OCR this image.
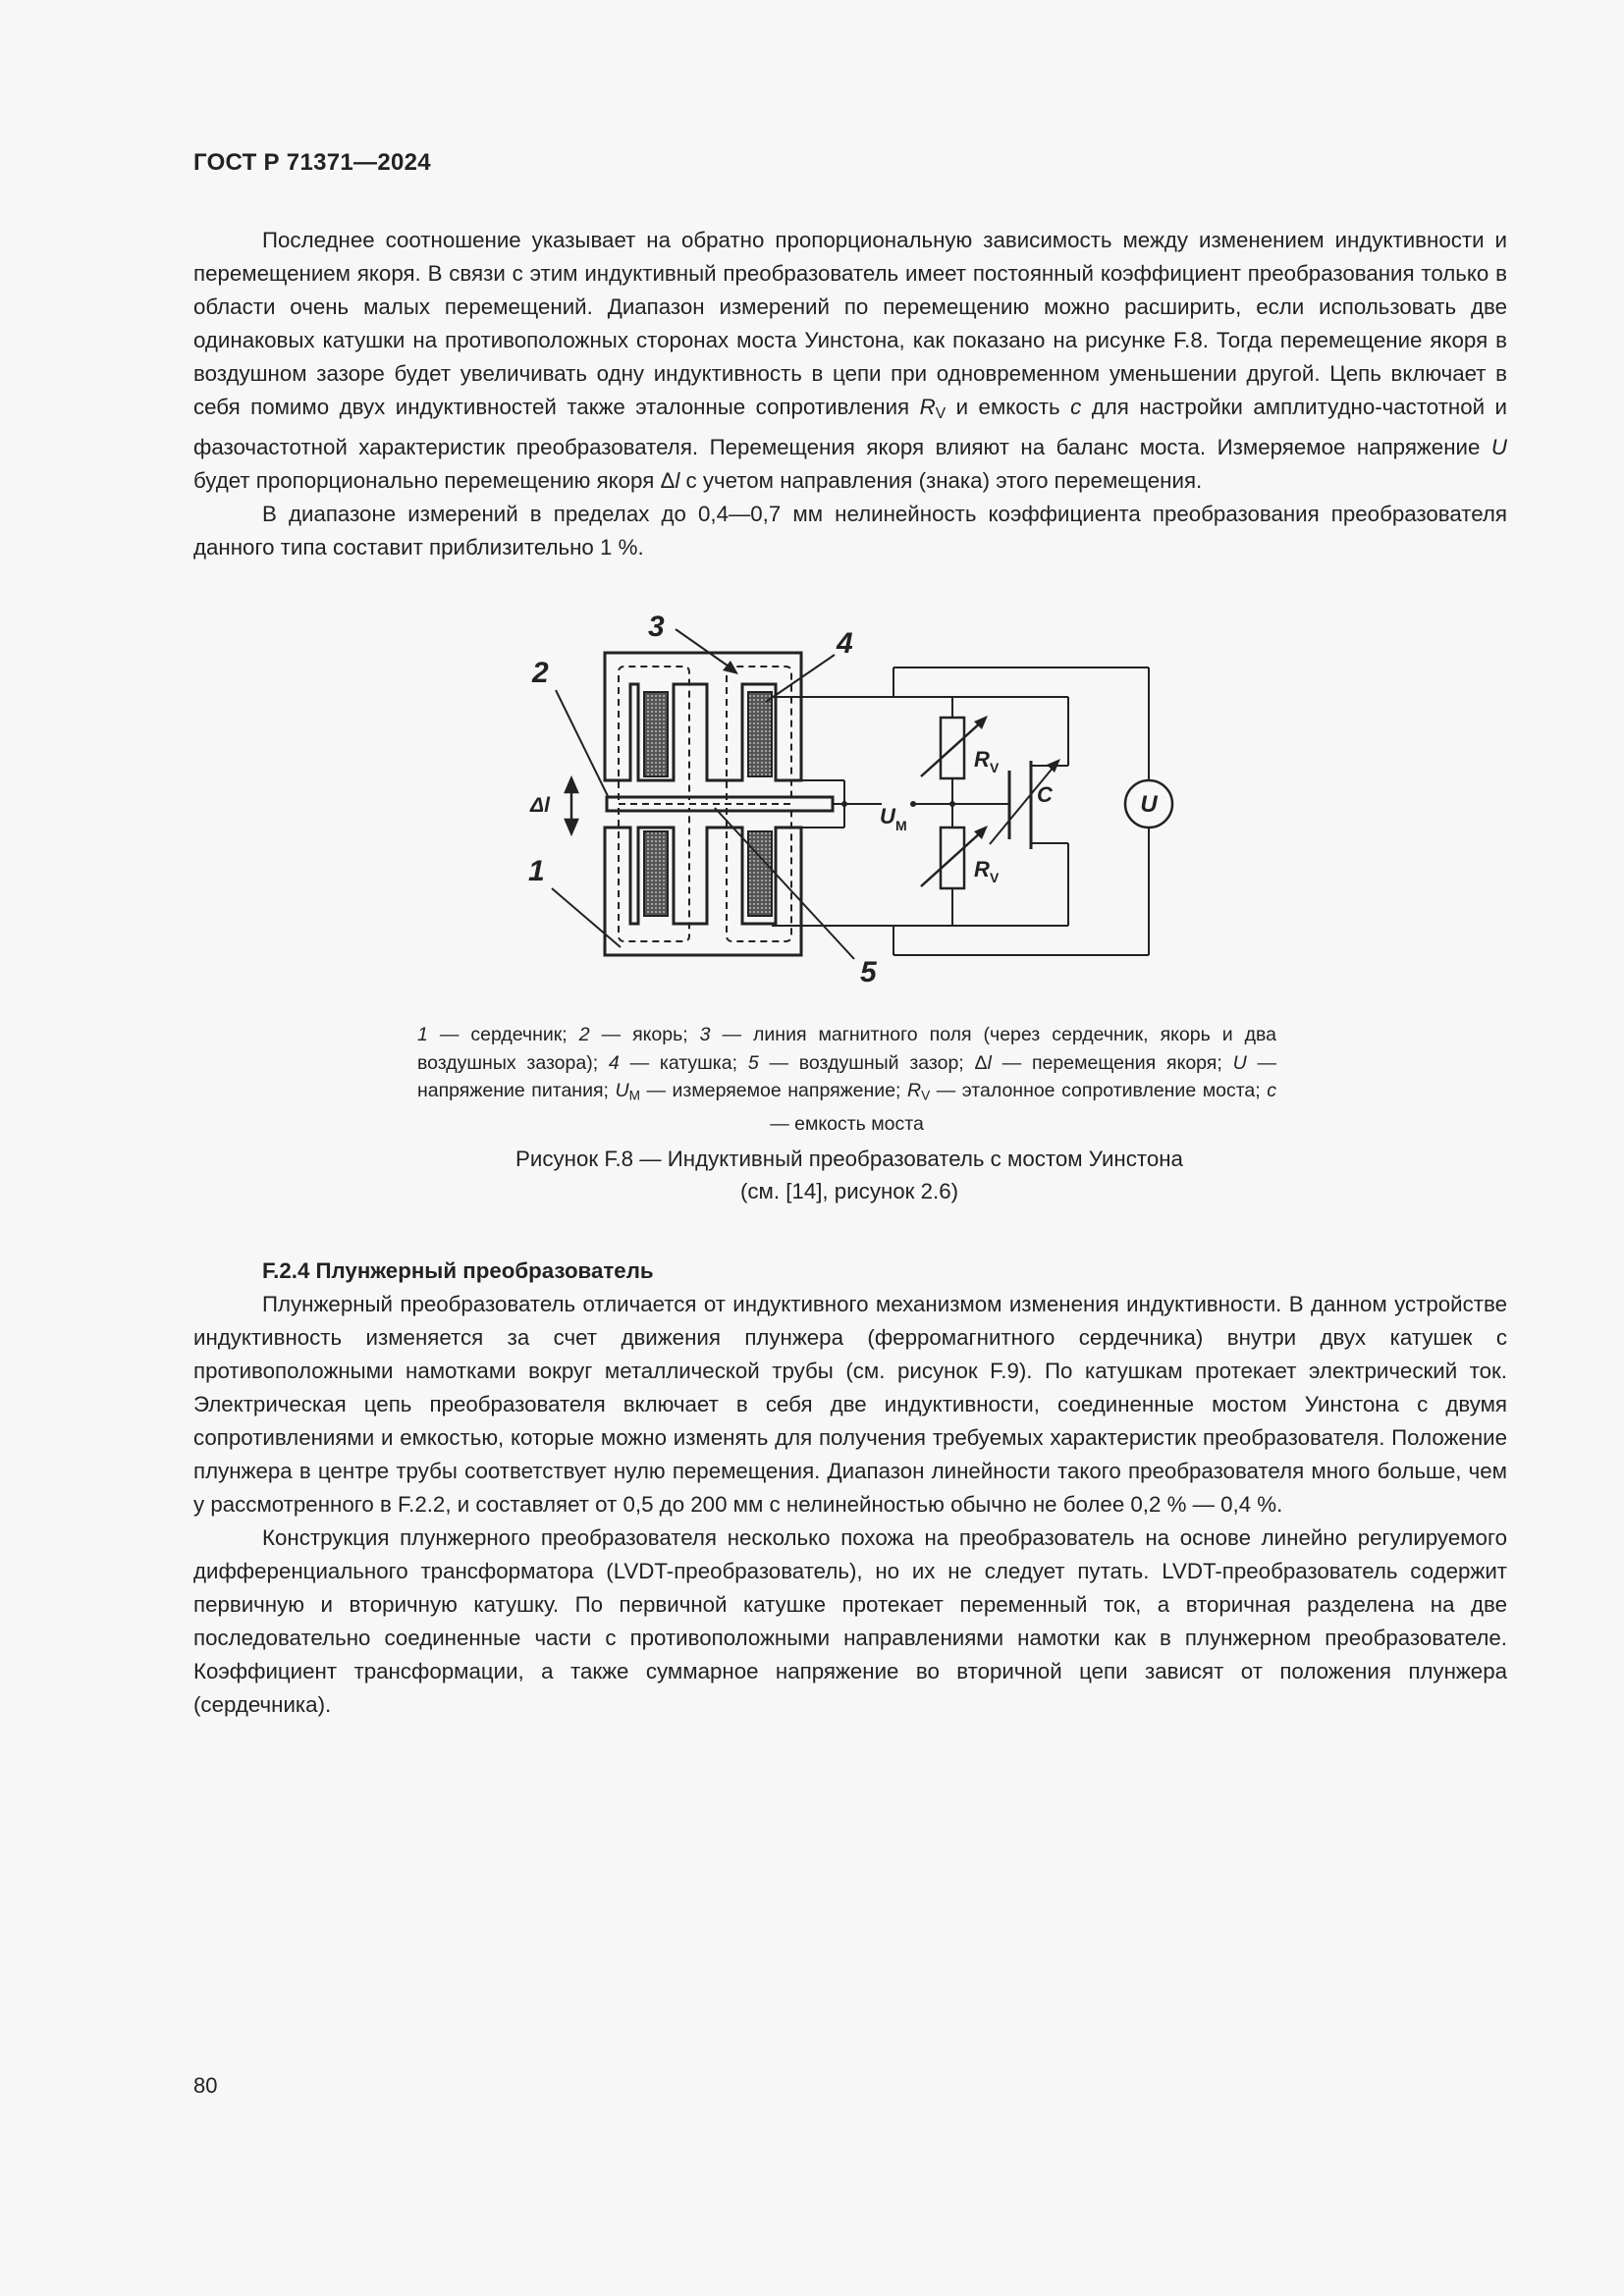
ГОСТ Р 71371—2024

Последнее соотношение указывает на обратно пропорциональную зависимость между изменением индуктивности и перемещением якоря. В связи с этим индуктивный преобразователь имеет постоянный коэффициент преобразования только в области очень малых перемещений. Диапазон измерений по перемещению можно расширить, если использовать две одинаковых катушки на противоположных сторонах моста Уинстона, как показано на рисунке F.8. Тогда перемещение якоря в воздушном зазоре будет увеличивать одну индуктивность в цепи при одновременном уменьшении другой. Цепь включает в себя помимо двух индуктивностей также эталонные сопротивления $R_V$ и емкость c для настройки амплитудно-частотной и фазочастотной характеристик преобразователя. Перемещения якоря влияют на баланс моста. Измеряемое напряжение U будет пропорционально перемещению якоря Δl с учетом направления (знака) этого перемещения.

В диапазоне измерений в пределах до 0,4—0,7 мм нелинейность коэффициента преобразования преобразователя данного типа составит приблизительно 1 %.

Δl
2
3
4
1
5
U M
R V
R V
C	U
1 — сердечник; 2 — якорь; 3 — линия магнитного поля (через сердечник, якорь и два воздушных зазора); 4 — катушка; 5 — воздушный зазор; Δl — перемещения якоря; U — напряжение питания; $U_M$ — измеряемое напряжение; $R_V$ — эталонное сопротивление моста; c — емкость моста
Рисунок F.8 — Индуктивный преобразователь с мостом Уинстона
(см. [14], рисунок 2.6)

F.2.4 Плунжерный преобразователь

Плунжерный преобразователь отличается от индуктивного механизмом изменения индуктивности. В данном устройстве индуктивность изменяется за счет движения плунжера (ферромагнитного сердечника) внутри двух катушек с противоположными намотками вокруг металлической трубы (см. рисунок F.9). По катушкам протекает электрический ток. Электрическая цепь преобразователя включает в себя две индуктивности, соединенные мостом Уинстона с двумя сопротивлениями и емкостью, которые можно изменять для получения требуемых характеристик преобразователя. Положение плунжера в центре трубы соответствует нулю перемещения. Диапазон линейности такого преобразователя много больше, чем у рассмотренного в F.2.2, и составляет от 0,5 до 200 мм с нелинейностью обычно не более 0,2 % — 0,4 %.

Конструкция плунжерного преобразователя несколько похожа на преобразователь на основе линейно регулируемого дифференциального трансформатора (LVDT-преобразователь), но их не следует путать. LVDT-преобразователь содержит первичную и вторичную катушку. По первичной катушке протекает переменный ток, а вторичная разделена на две последовательно соединенные части с противоположными направлениями намотки как в плунжерном преобразователе. Коэффициент трансформации, а также суммарное напряжение во вторичной цепи зависят от положения плунжера (сердечника).

80
